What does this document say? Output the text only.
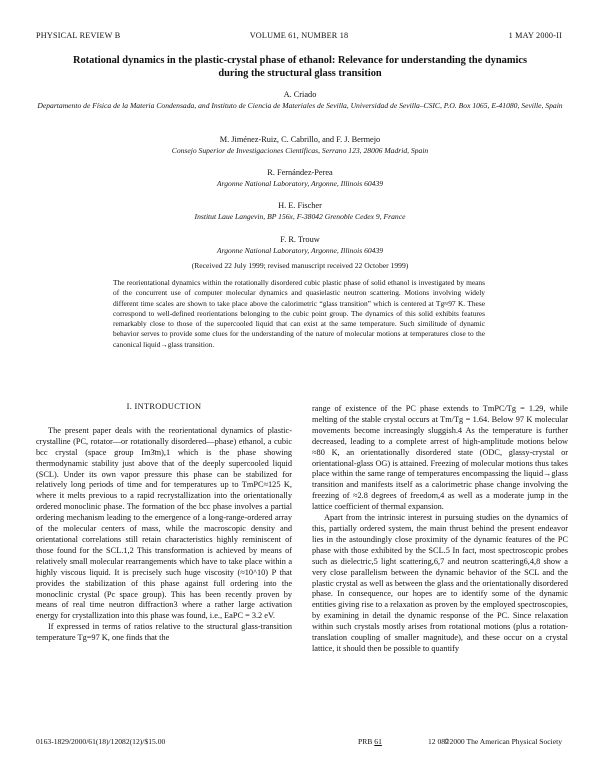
PHYSICAL REVIEW B	VOLUME 61, NUMBER 18	1 MAY 2000-II
Rotational dynamics in the plastic-crystal phase of ethanol: Relevance for understanding the dynamics during the structural glass transition
A. Criado
Departamento de Física de la Materia Condensada, and Instituto de Ciencia de Materiales de Sevilla, Universidad de Sevilla–CSIC, P.O. Box 1065, E-41080, Seville, Spain
M. Jiménez-Ruiz, C. Cabrillo, and F. J. Bermejo
Consejo Superior de Investigaciones Científicas, Serrano 123, 28006 Madrid, Spain
R. Fernández-Perea
Argonne National Laboratory, Argonne, Illinois 60439
H. E. Fischer
Institut Laue Langevin, BP 156x, F-38042 Grenoble Cedex 9, France
F. R. Trouw
Argonne National Laboratory, Argonne, Illinois 60439
(Received 22 July 1999; revised manuscript received 22 October 1999)
The reorientational dynamics within the rotationally disordered cubic plastic phase of solid ethanol is investigated by means of the concurrent use of computer molecular dynamics and quasielastic neutron scattering. Motions involving widely different time scales are shown to take place above the calorimetric “glass transition” which is centered at Tg≈97 K. These correspond to well-defined reorientations belonging to the cubic point group. The dynamics of this solid exhibits features remarkably close to those of the supercooled liquid that can exist at the same temperature. Such similitude of dynamic behavior serves to provide some clues for the understanding of the nature of molecular motions at temperatures close to the canonical liquid→glass transition.
I. INTRODUCTION

The present paper deals with the reorientational dynamics of plastic-crystalline (PC, rotator—or rotationally disordered—phase) ethanol, a cubic bcc crystal (space group Im3̄m),1 which is the phase showing thermodynamic stability just above that of the deeply supercooled liquid (SCL). Under its own vapor pressure this phase can be stabilized for relatively long periods of time and for temperatures up to TmPC≈125 K, where it melts previous to a rapid recrystallization into the orientationally ordered monoclinic phase. The formation of the bcc phase involves a partial ordering mechanism leading to the emergence of a long-range-ordered array of the molecular centers of mass, while the macroscopic density and orientational correlations still retain characteristics highly reminiscent of those found for the SCL.1,2 This transformation is achieved by means of relatively small molecular rearrangements which have to take place within a highly viscous liquid. It is precisely such huge viscosity (≈10^10) P that provides the stabilization of this phase against full ordering into the monoclinic crystal (Pc space group). This has been recently proven by means of real time neutron diffraction3 where a rather large activation energy for crystallization into this phase was found, i.e., EaPC = 3.2 eV.

If expressed in terms of ratios relative to the structural glass-transition temperature Tg=97 K, one finds that the

range of existence of the PC phase extends to TmPC/Tg = 1.29, while melting of the stable crystal occurs at Tm/Tg = 1.64. Below 97 K molecular movements become increasingly sluggish.4 As the temperature is further decreased, leading to a complete arrest of high-amplitude motions below ≈80 K, an orientationally disordered state (ODC, glassy-crystal or orientational-glass OG) is attained. Freezing of molecular motions thus takes place within the same range of temperatures encompassing the liquid→glass transition and manifests itself as a calorimetric phase change involving the freezing of ≈2.8 degrees of freedom,4 as well as a moderate jump in the lattice coefficient of thermal expansion.

Apart from the intrinsic interest in pursuing studies on the dynamics of this, partially ordered system, the main thrust behind the present endeavor lies in the astoundingly close proximity of the dynamic features of the PC phase with those exhibited by the SCL.5 In fact, most spectroscopic probes such as dielectric,5 light scattering,6,7 and neutron scattering6,4,8 show a very close parallelism between the dynamic behavior of the SCL and the plastic crystal as well as between the glass and the orientationally disordered phase. In consequence, our hopes are to identify some of the dynamic entities giving rise to a relaxation as proven by the employed spectroscopies, by examining in detail the dynamic response of the PC. Since relaxation within such crystals mostly arises from rotational motions (plus a rotation-translation coupling of smaller magnitude), and these occur on a crystal lattice, it should then be possible to quantify

0163-1829/2000/61(18)/12082(12)/$15.00	PRB 61	12 082
©2000 The American Physical Society
